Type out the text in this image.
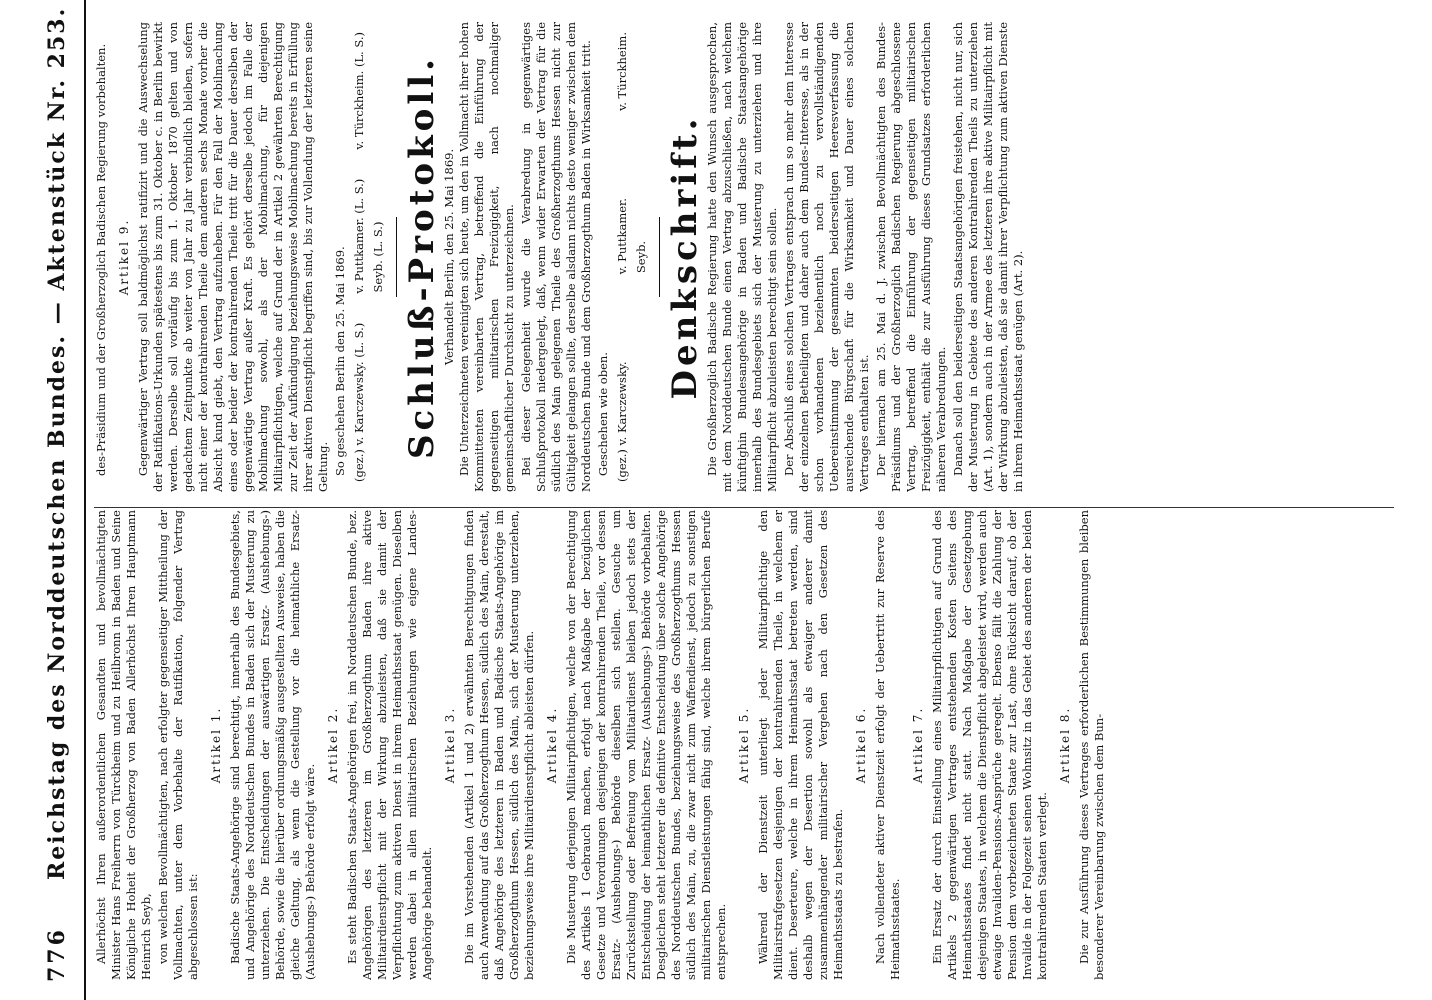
776
Reichstag des Norddeutschen Bundes. — Aktenstück Nr. 253. Allerhöchst Ihren außerordentlichen Gesandten und bevollmächtigten Minister Hans Freiherrn von Türckheim und zu Heilbronn in Baden und Seine Königliche Hoheit der Großherzog von Baden Allerhöchst Ihren Hauptmann Heinrich Seyb, von welchen Bevollmächtigten, nach erfolgter gegenseitiger Mittheilung der Vollmachten, unter dem Vorbehalte der Ratifikation, folgender Vertrag abgeschlossen ist:

Artikel 1. Badische Staats-Angehörige sind berechtigt, innerhalb des Bundesgebiets, und Angehörige des Norddeutschen Bundes in Baden sich der Musterung zu unterziehen. Die Entscheidungen der auswärtigen Ersatz- (Aushebungs-) Behörde, sowie die hierüber ordnungsmäßig ausgestellten Ausweise, haben die gleiche Geltung, als wenn die Gestellung vor die heimathliche Ersatz- (Aushebungs-) Behörde erfolgt wäre.

Artikel 2. Es steht Badischen Staats-Angehörigen frei, im Norddeutschen Bunde, bez. Angehörigen des letzteren im Großherzogthum Baden ihre aktive Militairdienstpflicht mit der Wirkung abzuleisten, daß sie damit der Verpflichtung zum aktiven Dienst in ihrem Heimathsstaat genügen. Dieselben werden dabei in allen militairischen Beziehungen wie eigene Landes-Angehörige behandelt.

Artikel 3. Die im Vorstehenden (Artikel 1 und 2) erwähnten Berechtigungen finden auch Anwendung auf das Großherzogthum Hessen, südlich des Main, derestalt, daß Angehörige des letzteren in Baden und Badische Staats-Angehörige im Großherzogthum Hessen, südlich des Main, sich der Musterung unterziehen, beziehungsweise ihre Militairdienstpflicht ableisten dürfen. Artikel 4. Die Musterung derjenigen Militairpflichtigen, welche von der Berechtigung des Artikels 1 Gebrauch machen, erfolgt nach Maßgabe der bezüglichen Gesetze und Verordnungen desjenigen der kontrahirenden Theile, vor dessen Ersatz- (Aushebungs-) Behörde dieselben sich stellen. Gesuche um Zurückstellung oder Befreiung vom Militairdienst bleiben jedoch stets der Entscheidung der heimathlichen Ersatz- (Aushebungs-) Behörde vorbehalten. Desgleichen steht letzterer die definitive Entscheidung über solche Angehörige des Norddeutschen Bundes, beziehungsweise des Großherzogthums Hessen südlich des Main, zu, die zwar nicht zum Waffendienst, jedoch zu sonstigen militairischen Dienstleistungen fähig sind, welche ihrem bürgerlichen Berufe entsprechen.

Artikel 5. Während der Dienstzeit unterliegt jeder Militairpflichtige den Militairstrafgesetzen desjenigen der kontrahirenden Theile, in welchem er dient. Deserteure, welche in ihrem Heimathsstaat betreten werden, sind deshalb wegen der Desertion sowohl als etwaiger anderer damit zusammenhängender militairischer Vergehen nach den Gesetzen des Heimathsstaats zu bestrafen.

Artikel 6. Nach vollendeter aktiver Dienstzeit erfolgt der Uebertritt zur Reserve des Heimathsstaates.

Artikel 7. Ein Ersatz der durch Einstellung eines Militairpflichtigen auf Grund des Artikels 2 gegenwärtigen Vertrages entstehenden Kosten Seitens des Heimathsstaates findet nicht statt. Nach Maßgabe der Gesetzgebung desjenigen Staates, in welchem die Dienstpflicht abgeleistet wird, werden auch etwaige Invaliden-Pensions-Ansprüche geregelt. Ebenso fällt die Zahlung der Pension dem vorbezeichneten Staate zur Last, ohne Rücksicht darauf, ob der Invalide in der Folgezeit seinen Wohnsitz in das Gebiet des anderen der beiden kontrahirenden Staaten verlegt.

Artikel 8. Die zur Ausführung dieses Vertrages erforderlichen Bestimmungen bleiben besonderer Vereinbarung zwischen dem Bun-

des-Präsidium und der Großherzoglich Badischen Regierung vorbehalten. Artikel 9. Gegenwärtiger Vertrag soll baldmöglichst ratifizirt und die Auswechselung der Ratifikations-Urkunden spätestens bis zum 31. Oktober c. in Berlin bewirkt werden. Derselbe soll vorläufig bis zum 1. Oktober 1870 gelten und von gedachtem Zeitpunkte ab weiter von Jahr zu Jahr verbindlich bleiben, sofern nicht einer der kontrahirenden Theile dem anderen sechs Monate vorher die Absicht kund giebt, den Vertrag aufzuheben. Für den Fall der Mobilmachung eines oder beider der kontrahirenden Theile tritt für die Dauer derselben der gegenwärtige Vertrag außer Kraft. Es gehört derselbe jedoch im Falle der Mobilmachung sowohl, als der Mobilmachung, für diejenigen Militairpflichtigen, welche auf Grund der in Artikel 2 gewährten Berechtigung zur Zeit der Aufkündigung beziehungsweise Mobilmachung bereits in Erfüllung ihrer aktiven Dienstpflicht begriffen sind, bis zur Vollendung der letzteren seine Geltung. So geschehen Berlin den 25. Mai 1869. (gez.) v. Karczewsky. (L. S.)
v. Puttkamer. (L. S.)
v. Türckheim. (L. S.)
Seyb. (L. S.) Schluß-Protokoll. Verhandelt Berlin, den 25. Mai 1869. Die Unterzeichneten vereinigten sich heute, um den in Vollmacht ihrer hohen Kommittenten vereinbarten Vertrag, betreffend die Einführung der gegenseitigen militairischen Freizügigkeit, nach nochmaliger gemeinschaftlicher Durchsicht zu unterzeichnen. Bei dieser Gelegenheit wurde die Verabredung in gegenwärtiges Schlußprotokoll niedergelegt, daß, wenn wider Erwarten der Vertrag für die südlich des Main gelegenen Theile des Großherzogthums Hessen nicht zur Gültigkeit gelangen sollte, derselbe alsdann nichts desto weniger zwischen dem Norddeutschen Bunde und dem Großherzogthum Baden in Wirksamkeit tritt. Geschehen wie oben. (gez.) v. Karczewsky.
v. Puttkamer.
v. Türckheim.
Seyb. Denkschrift. Die Großherzoglich Badische Regierung hatte den Wunsch ausgesprochen, mit dem Norddeutschen Bunde einen Vertrag abzuschließen, nach welchem künftighin Bundesangehörige in Baden und Badische Staatsangehörige innerhalb des Bundesgebiets sich der Musterung zu unterziehen und ihre Militairpflicht abzuleisten berechtigt sein sollen. Der Abschluß eines solchen Vertrages entsprach um so mehr dem Interesse der einzelnen Betheiligten und daher auch dem Bundes-Interesse, als in der schon vorhandenen beziehentlich noch zu vervollständigenden Uebereinstimmung der gesammten beiderseitigen Heeresverfassung die ausreichende Bürgschaft für die Wirksamkeit und Dauer eines solchen Vertrages enthalten ist. Der hiernach am 25. Mai d. J. zwischen Bevollmächtigten des Bundes-Präsidiums und der Großherzoglich Badischen Regierung abgeschlossene Vertrag, betreffend die Einführung der gegenseitigen militairischen Freizügigkeit, enthält die zur Ausführung dieses Grundsatzes erforderlichen näheren Verabredungen. Danach soll den beiderseitigen Staatsangehörigen freistehen, nicht nur, sich der Musterung in Gebiete des anderen Kontrahirenden Theils zu unterziehen (Art. 1), sondern auch in der Armee des letzteren ihre aktive Militairpflicht mit der Wirkung abzuleisten, daß sie damit ihrer Verpflichtung zum aktiven Dienste in ihrem Heimathsstaat genügen (Art. 2).
